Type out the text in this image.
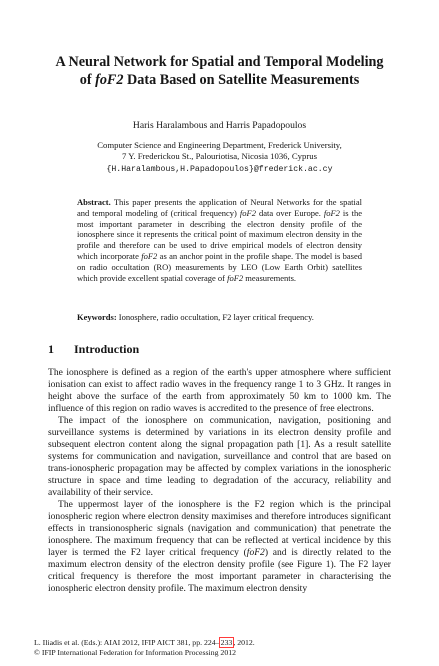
A Neural Network for Spatial and Temporal Modeling
of foF2 Data Based on Satellite Measurements
Haris Haralambous and Harris Papadopoulos
Computer Science and Engineering Department, Frederick University,
7 Y. Frederickou St., Palouriotisa, Nicosia 1036, Cyprus
{H.Haralambous,H.Papadopoulos}@frederick.ac.cy
Abstract. This paper presents the application of Neural Networks for the spatial and temporal modeling of (critical frequency) foF2 data over Europe. foF2 is the most important parameter in describing the electron density profile of the ionosphere since it represents the critical point of maximum electron density in the profile and therefore can be used to drive empirical models of electron density which incorporate foF2 as an anchor point in the profile shape. The model is based on radio occultation (RO) measurements by LEO (Low Earth Orbit) satellites which provide excellent spatial coverage of foF2 measurements.
Keywords: Ionosphere, radio occultation, F2 layer critical frequency.
1 Introduction

The ionosphere is defined as a region of the earth's upper atmosphere where sufficient ionisation can exist to affect radio waves in the frequency range 1 to 3 GHz. It ranges in height above the surface of the earth from approximately 50 km to 1000 km. The influence of this region on radio waves is accredited to the presence of free electrons.

The impact of the ionosphere on communication, navigation, positioning and surveillance systems is determined by variations in its electron density profile and subsequent electron content along the signal propagation path [1]. As a result satellite systems for communication and navigation, surveillance and control that are based on trans-ionospheric propagation may be affected by complex variations in the ionospheric structure in space and time leading to degradation of the accuracy, reliability and availability of their service.

The uppermost layer of the ionosphere is the F2 region which is the principal ionospheric region where electron density maximises and therefore introduces significant effects in transionospheric signals (navigation and communication) that penetrate the ionosphere. The maximum frequency that can be reflected at vertical incidence by this layer is termed the F2 layer critical frequency (foF2) and is directly related to the maximum electron density of the electron density profile (see Figure 1). The F2 layer critical frequency is therefore the most important parameter in characterising the ionospheric electron density profile. The maximum electron density

L. Iliadis et al. (Eds.): AIAI 2012, IFIP AICT 381, pp. 224–233, 2012.
© IFIP International Federation for Information Processing 2012
